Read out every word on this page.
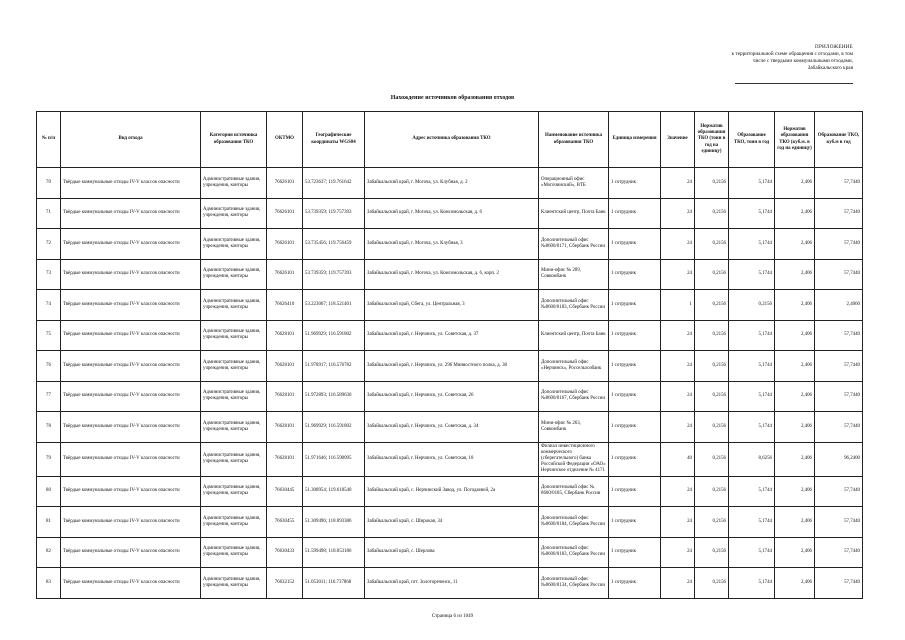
ПРИЛОЖЕНИЕ
к территориальной схеме обращения с отходами, в том
числе с твердыми коммунальными отходами,
Забайкальского края
Нахождение источников образования отходов
№ п/п	Вид отхода	Категория источника образования ТКО	ОКТМО	Географические координаты WGS84	Адрес источника образования ТКО	Наименование источника образования ТКО	Единица измерения	Значение	Норматив образования ТКО (тонн в год на единицу)	Образование ТКО, тонн в год	Норматив образования ТКО (куб.м. в год на единицу)	Образование ТКО, куб.м в год
70	Твёрдые коммунальные отходы IV-V классов опасности	Административные здания, учреждения, конторы	76626101	53.723637; 119.761642	Забайкальский край, г. Могоча, ул. Клубная, д. 2	Операционный офис «Могочинский», ВТБ	1 сотрудник	24	0,2156	5,1744	2,406	57,7440
71	Твёрдые коммунальные отходы IV-V классов опасности	Административные здания, учреждения, конторы	76626101	53.739359; 119.757393	Забайкальский край, г. Могоча, ул. Комсомольская, д. 6	Клиентский центр, Почта Банк	1 сотрудник	24	0,2156	5,1744	2,406	57,7440
72	Твёрдые коммунальные отходы IV-V классов опасности	Административные здания, учреждения, конторы	76626101	53.735456; 119.756459	Забайкальский край, г. Могоча, ул. Клубная, 3	Дополнительный офис №8600/0171, Сбербанк России	1 сотрудник	24	0,2156	5,1744	2,406	57,7440
73	Твёрдые коммунальные отходы IV-V классов опасности	Административные здания, учреждения, конторы	76626101	53.739359; 119.757393	Забайкальский край, г. Могоча, ул. Комсомольская, д. 6, корп. 2	Мини-офис № 289, Совкомбанк	1 сотрудник	24	0,2156	5,1744	2,406	57,7440
74	Твёрдые коммунальные отходы IV-V классов опасности	Административные здания, учреждения, конторы	76626410	53.223067; 118.521401	Забайкальский край, Сбега, ул. Центральная, 3	Дополнительный офис №8600/0183, Сбербанк России	1 сотрудник	1	0,2156	0,2156	2,406	2,4060
75	Твёрдые коммунальные отходы IV-V классов опасности	Административные здания, учреждения, конторы	76628101	51.969929; 116.591802	Забайкальский край, г. Нерчинск, ул. Советская, д. 37	Клиентский центр, Почта Банк	1 сотрудник	24	0,2156	5,1744	2,406	57,7440
76	Твёрдые коммунальные отходы IV-V классов опасности	Административные здания, учреждения, конторы	76628101	51.978917; 116.576782	Забайкальский край, г. Нерчинск, ул. 296 Минвостного полка, д. 38	Дополнительный офис «Нерчинск», Россельхозбанк	1 сотрудник	24	0,2156	5,1744	2,406	57,7440
77	Твёрдые коммунальные отходы IV-V классов опасности	Административные здания, учреждения, конторы	76628101	51.972893; 116.589630	Забайкальский край, г. Нерчинск, ул. Советская, 26	Дополнительный офис №8600/0167, Сбербанк России	1 сотрудник	24	0,2156	5,1744	2,406	57,7440
78	Твёрдые коммунальные отходы IV-V классов опасности	Административные здания, учреждения, конторы	76628101	51.969929; 116.591802	Забайкальский край, г. Нерчинск, ул. Советская, д. 34	Мини-офис № 263, Совкомбанк	1 сотрудник	24	0,2156	5,1744	2,406	57,7440
79	Твёрдые коммунальные отходы IV-V классов опасности	Административные здания, учреждения, конторы	76628101	51.971646; 116.590095	Забайкальский край, г. Нерчинск, ул. Советская, 18	Филиал инвестиционного коммерческого (сберегательного) банка Российской Федерации «ОАО» Нерчинское отделение № 4171	1 сотрудник	40	0,2156	8,6256	2,406	96,2400
80	Твёрдые коммунальные отходы IV-V классов опасности	Административные здания, учреждения, конторы	76630445	51.308954; 119.618540	Забайкальский край, с. Нерчинский Завод, ул. Погодаевой, 2а	Дополнительный офис № 8600/0185, Сбербанк России	1 сотрудник	24	0,2156	5,1744	2,406	57,7440
81	Твёрдые коммунальные отходы IV-V классов опасности	Административные здания, учреждения, конторы	76630455	51.309496; 118.093386	Забайкальский край, с. Широкая, 34	Дополнительный офис №8600/0184, Сбербанк России	1 сотрудник	24	0,2156	5,1744	2,406	57,7440
82	Твёрдые коммунальные отходы IV-V классов опасности	Административные здания, учреждения, конторы	76630433	51.599498; 118.053186	Забайкальский край, с. Шерлова	Дополнительный офис №8600/0183, Сбербанк России	1 сотрудник	24	0,2156	5,1744	2,406	57,7440
83	Твёрдые коммунальные отходы IV-V классов опасности	Административные здания, учреждения, конторы	76632152	51.053011; 116.737868	Забайкальский край, пгт. Золотореченск, 11	Дополнительный офис №8600/0134, Сбербанк России	1 сотрудник	24	0,2156	5,1744	2,406	57,7440
Страница 6 из 1049
